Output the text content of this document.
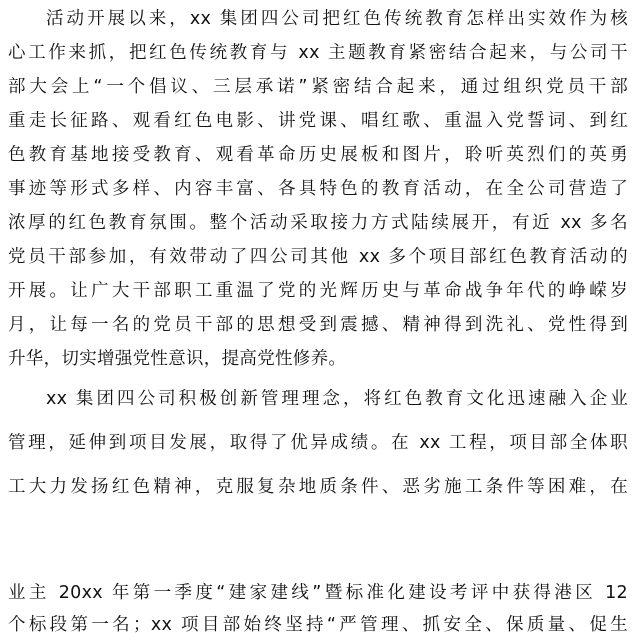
活动开展以来，xx 集团四公司把红色传统教育怎样出实效作为核
心工作来抓，把红色传统教育与 xx 主题教育紧密结合起来，与公司干
部大会上“一个倡议、三层承诺”紧密结合起来，通过组织党员干部
重走长征路、观看红色电影、讲党课、唱红歌、重温入党誓词、到红
色教育基地接受教育、观看革命历史展板和图片，聆听英烈们的英勇
事迹等形式多样、内容丰富、各具特色的教育活动，在全公司营造了
浓厚的红色教育氛围。整个活动采取接力方式陆续展开，有近 xx 多名
党员干部参加，有效带动了四公司其他 xx 多个项目部红色教育活动的
开展。让广大干部职工重温了党的光辉历史与革命战争年代的峥嵘岁
月，让每一名的党员干部的思想受到震撼、精神得到洗礼、党性得到
升华，切实增强党性意识，提高党性修养。
xx 集团四公司积极创新管理理念，将红色教育文化迅速融入企业
管理，延伸到项目发展，取得了优异成绩。在 xx 工程，项目部全体职
工大力发扬红色精神，克服复杂地质条件、恶劣施工条件等困难，在
业主 20xx 年第一季度“建家建线”暨标准化建设考评中获得港区 12
个标段第一名；xx 项目部始终坚持“严管理、抓安全、保质量、促生
